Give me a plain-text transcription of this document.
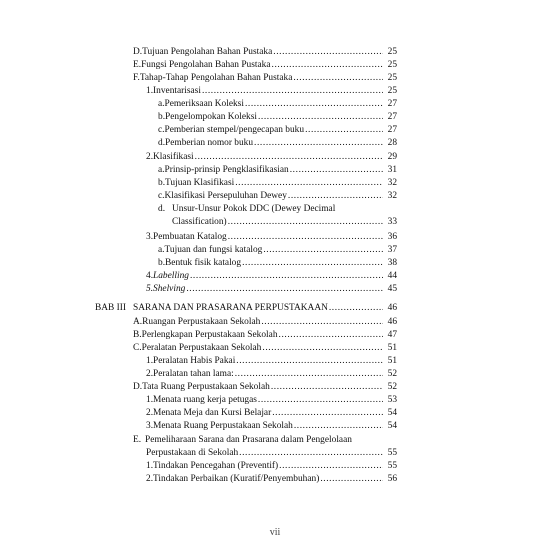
D. Tujuan Pengolahan Bahan Pustaka .....	25
E. Fungsi Pengolahan Bahan Pustaka .....	25
F. Tahap-Tahap Pengolahan Bahan Pustaka .....	25
1. Inventarisasi .....	25
a. Pemeriksaan Koleksi .....	27
b. Pengelompokan Koleksi .....	27
c. Pemberian stempel/pengecapan buku .....	27
d. Pemberian nomor buku .....	28
2. Klasifikasi .....	29
a. Prinsip-prinsip Pengklasifikasian .....	31
b. Tujuan Klasifikasi .....	32
c. Klasifikasi Persepuluhan Dewey .....	32
d. Unsur-Unsur Pokok DDC (Dewey Decimal
Classification) .....	33
3. Pembuatan Katalog .....	36
a. Tujuan dan fungsi katalog .....	37
b. Bentuk fisik katalog .....	38
4. Labelling .....	44
5. Shelving .....	45
BAB III SARANA DAN PRASARANA PERPUSTAKAAN .....	46
A. Ruangan Perpustakaan Sekolah .....	46
B. Perlengkapan Perpustakaan Sekolah .....	47
C. Peralatan Perpustakaan Sekolah .....	51
1. Peralatan Habis Pakai .....	51
2. Peralatan tahan lama: .....	52
D. Tata Ruang Perpustakaan Sekolah .....	52
1. Menata ruang kerja petugas .....	53
2. Menata Meja dan Kursi Belajar .....	54
3. Menata Ruang Perpustakaan Sekolah .....	54
E. Pemeliharaan Sarana dan Prasarana dalam Pengelolaan
Perpustakaan di Sekolah .....	55
1. Tindakan Pencegahan (Preventif) .....	55
2. Tindakan Perbaikan (Kuratif/Penyembuhan) .....	56
vii
